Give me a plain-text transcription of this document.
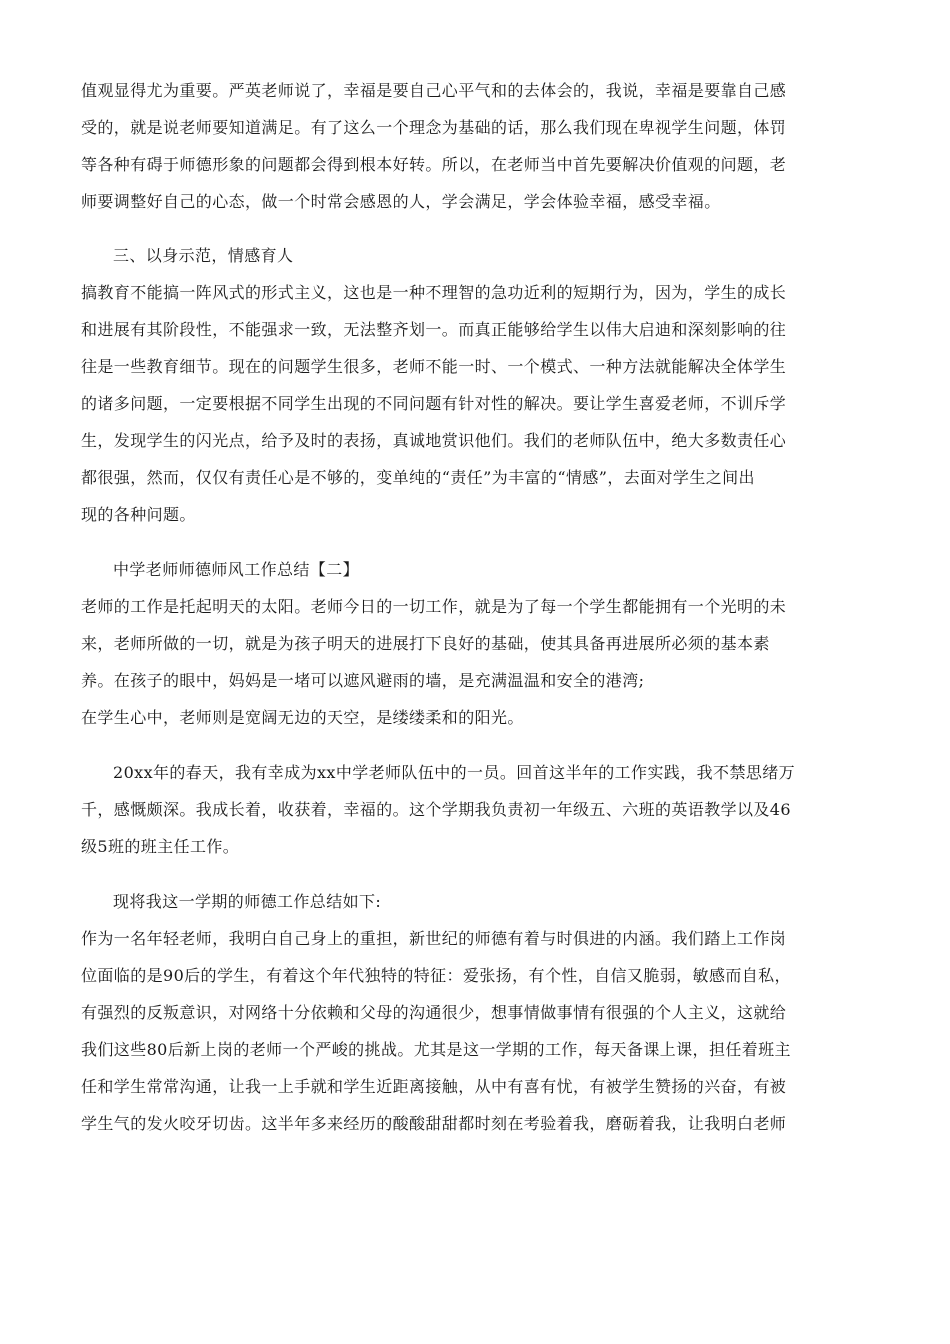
值观显得尤为重要。严英老师说了，幸福是要自己心平气和的去体会的，我说，幸福是要靠自己感
受的，就是说老师要知道满足。有了这么一个理念为基础的话，那么我们现在卑视学生问题，体罚
等各种有碍于师德形象的问题都会得到根本好转。所以，在老师当中首先要解决价值观的问题，老
师要调整好自己的心态，做一个时常会感恩的人，学会满足，学会体验幸福，感受幸福。
三、以身示范，情感育人
搞教育不能搞一阵风式的形式主义，这也是一种不理智的急功近利的短期行为，因为，学生的成长
和进展有其阶段性，不能强求一致，无法整齐划一。而真正能够给学生以伟大启迪和深刻影响的往
往是一些教育细节。现在的问题学生很多，老师不能一时、一个模式、一种方法就能解决全体学生
的诸多问题，一定要根据不同学生出现的不同问题有针对性的解决。要让学生喜爱老师，不训斥学
生，发现学生的闪光点，给予及时的表扬，真诚地赏识他们。我们的老师队伍中，绝大多数责任心
都很强，然而，仅仅有责任心是不够的，变单纯的“责任”为丰富的“情感”，去面对学生之间出
现的各种问题。
中学老师师德师风工作总结【二】
老师的工作是托起明天的太阳。老师今日的一切工作，就是为了每一个学生都能拥有一个光明的未
来，老师所做的一切，就是为孩子明天的进展打下良好的基础，使其具备再进展所必须的基本素
养。在孩子的眼中，妈妈是一堵可以遮风避雨的墙，是充满温温和安全的港湾;
在学生心中，老师则是宽阔无边的天空，是缕缕柔和的阳光。
20xx年的春天，我有幸成为xx中学老师队伍中的一员。回首这半年的工作实践，我不禁思绪万
千，感慨颇深。我成长着，收获着，幸福的。这个学期我负责初一年级五、六班的英语教学以及46
级5班的班主任工作。
现将我这一学期的师德工作总结如下:
作为一名年轻老师，我明白自己身上的重担，新世纪的师德有着与时俱进的内涵。我们踏上工作岗
位面临的是90后的学生，有着这个年代独特的特征：爱张扬，有个性，自信又脆弱，敏感而自私，
有强烈的反叛意识，对网络十分依赖和父母的沟通很少，想事情做事情有很强的个人主义，这就给
我们这些80后新上岗的老师一个严峻的挑战。尤其是这一学期的工作，每天备课上课，担任着班主
任和学生常常沟通，让我一上手就和学生近距离接触，从中有喜有忧，有被学生赞扬的兴奋，有被
学生气的发火咬牙切齿。这半年多来经历的酸酸甜甜都时刻在考验着我，磨砺着我，让我明白老师
